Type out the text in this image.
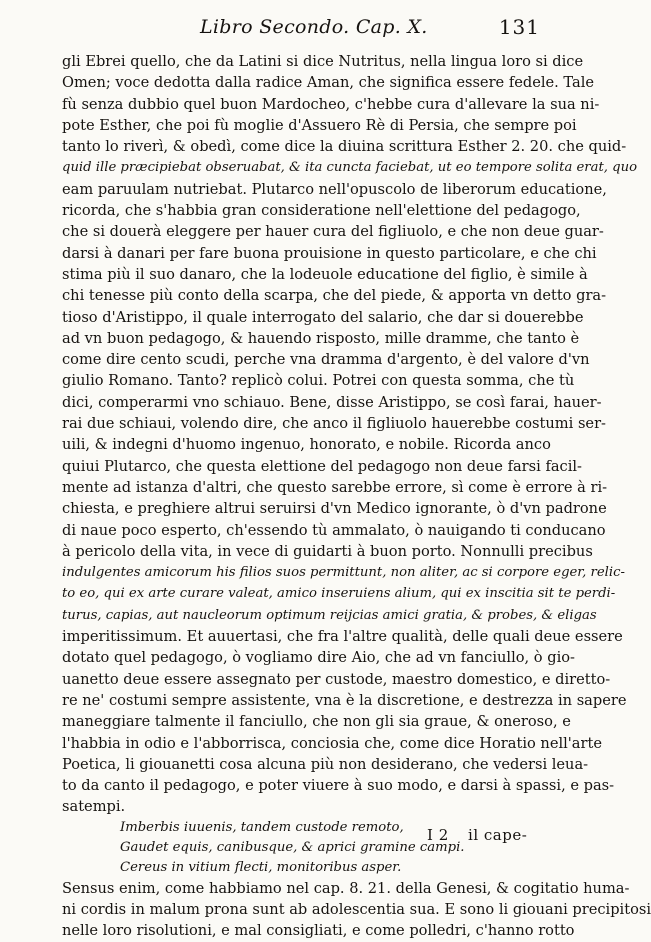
Libro Secondo. Cap. X.	131
gli Ebrei quello, che da Latini si dice Nutritus, nella lingua loro si dice
Omen; voce dedotta dalla radice Aman, che significa essere fedele. Tale
fù senza dubbio quel buon Mardocheo, c'hebbe cura d'allevare la sua ni-
pote Esther, che poi fù moglie d'Assuero Rè di Persia, che sempre poi
tanto lo riverì, & obedì, come dice la diuina scrittura Esther 2. 20. che quid-
quid ille præcipiebat obseruabat, & ita cuncta faciebat, ut eo tempore solita erat, quo
eam paruulam nutriebat. Plutarco nell'opuscolo de liberorum educatione,
ricorda, che s'habbia gran consideratione nell'elettione del pedagogo,
che si douerà eleggere per hauer cura del figliuolo, e che non deue guar-
darsi à danari per fare buona prouisione in questo particolare, e che chi
stima più il suo danaro, che la lodeuole educatione del figlio, è simile à
chi tenesse più conto della scarpa, che del piede, & apporta vn detto gra-
tioso d'Aristippo, il quale interrogato del salario, che dar si douerebbe
ad vn buon pedagogo, & hauendo risposto, mille dramme, che tanto è
come dire cento scudi, perche vna dramma d'argento, è del valore d'vn
giulio Romano. Tanto? replicò colui. Potrei con questa somma, che tù
dici, comperarmi vno schiauo. Bene, disse Aristippo, se così farai, hauer-
rai due schiaui, volendo dire, che anco il figliuolo hauerebbe costumi ser-
uili, & indegni d'huomo ingenuo, honorato, e nobile. Ricorda anco
quiui Plutarco, che questa elettione del pedagogo non deue farsi facil-
mente ad istanza d'altri, che questo sarebbe errore, sì come è errore à ri-
chiesta, e preghiere altrui seruirsi d'vn Medico ignorante, ò d'vn padrone
di naue poco esperto, ch'essendo tù ammalato, ò nauigando ti conducano
à pericolo della vita, in vece di guidarti à buon porto. Nonnulli precibus
indulgentes amicorum his filios suos permittunt, non aliter, ac si corpore eger, relic-
to eo, qui ex arte curare valeat, amico inseruiens alium, qui ex inscitia sit te perdi-
turus, capias, aut naucleorum optimum reijcias amici gratia, & probes, & eligas
imperitissimum. Et auuertasi, che fra l'altre qualità, delle quali deue essere
dotato quel pedagogo, ò vogliamo dire Aio, che ad vn fanciullo, ò gio-
uanetto deue essere assegnato per custode, maestro domestico, e diretto-
re ne' costumi sempre assistente, vna è la discretione, e destrezza in sapere
maneggiare talmente il fanciullo, che non gli sia graue, & oneroso, e
l'habbia in odio e l'abborrisca, conciosia che, come dice Horatio nell'arte
Poetica, li giouanetti cosa alcuna più non desiderano, che vedersi leua-
to da canto il pedagogo, e poter viuere à suo modo, e darsi à spassi, e pas-
satempi.
Imberbis iuuenis, tandem custode remoto,
Gaudet equis, canibusque, & aprici gramine campi.
Cereus in vitium flecti, monitoribus asper.
Sensus enim, come habbiamo nel cap. 8. 21. della Genesi, & cogitatio huma-
ni cordis in malum prona sunt ab adolescentia sua. E sono li giouani precipitosi
nelle loro risolutioni, e mal consigliati, e come polledri, c'hanno rotto
I 2 il cape-
